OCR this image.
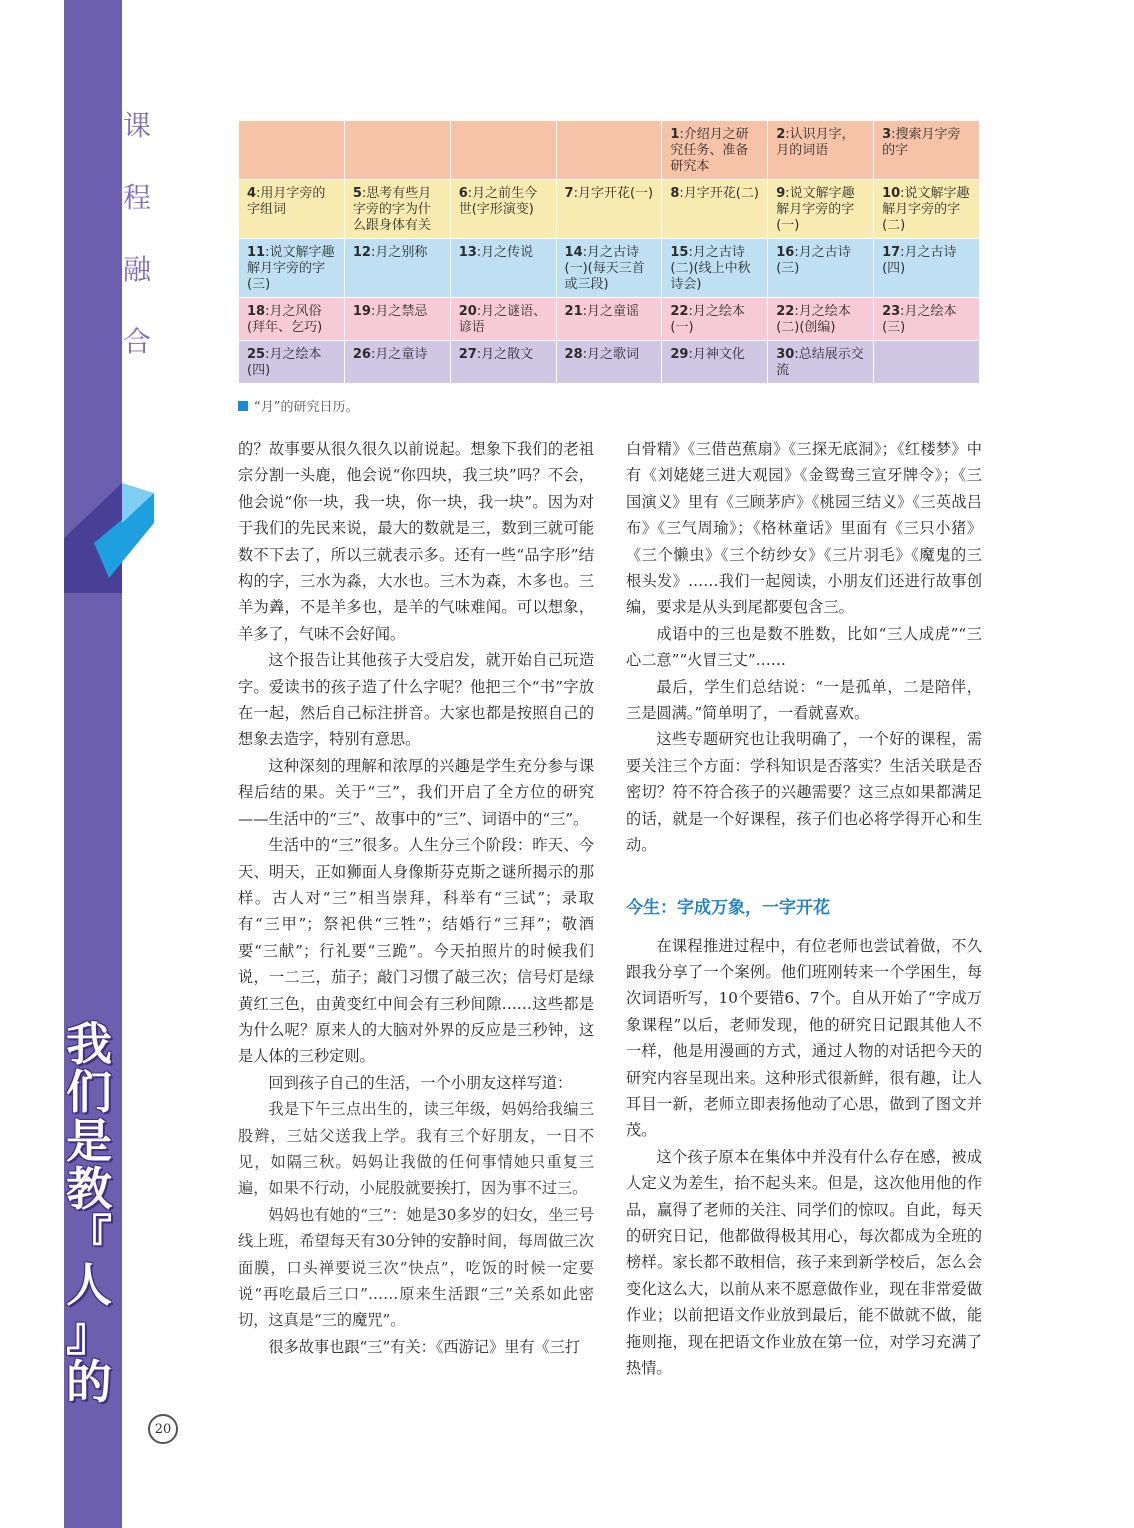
课
程
融
合
我
们
是
教
『
人
』
的
——第三届『新经典』大讲坛演讲录
20
				1:介绍月之研究任务、准备研究本	2:认识月字，月的词语	3:搜索月字旁的字
4:用月字旁的字组词	5:思考有些月字旁的字为什么跟身体有关	6:月之前生今世(字形演变)	7:月字开花(一)	8:月字开花(二)	9:说文解字趣解月字旁的字(一)	10:说文解字趣解月字旁的字(二)
11:说文解字趣解月字旁的字(三)	12:月之别称	13:月之传说	14:月之古诗(一)(每天三首或三段)	15:月之古诗(二)(线上中秋诗会)	16:月之古诗(三)	17:月之古诗(四)
18:月之风俗(拜年、乞巧)	19:月之禁忌	20:月之谜语、谚语	21:月之童谣	22:月之绘本(一)	22:月之绘本(二)(创编)	23:月之绘本(三)
25:月之绘本(四)	26:月之童诗	27:月之散文	28:月之歌词	29:月神文化	30:总结展示交流	
“月”的研究日历。

的？故事要从很久很久以前说起。想象下我们的老祖宗分割一头鹿，他会说“你四块，我三块”吗？不会，他会说“你一块，我一块，你一块，我一块”。因为对于我们的先民来说，最大的数就是三，数到三就可能数不下去了，所以三就表示多。还有一些“品字形”结构的字，三水为淼，大水也。三木为森，木多也。三羊为羴，不是羊多也，是羊的气味难闻。可以想象，羊多了，气味不会好闻。

这个报告让其他孩子大受启发，就开始自己玩造字。爱读书的孩子造了什么字呢？他把三个“书”字放在一起，然后自己标注拼音。大家也都是按照自己的想象去造字，特别有意思。

这种深刻的理解和浓厚的兴趣是学生充分参与课程后结的果。关于“三”，我们开启了全方位的研究——生活中的“三”、故事中的“三”、词语中的“三”。

生活中的“三”很多。人生分三个阶段：昨天、今天、明天，正如狮面人身像斯芬克斯之谜所揭示的那样。古人对“三”相当崇拜，科举有“三试”；录取有“三甲”；祭祀供“三牲”；结婚行“三拜”；敬酒要“三献”；行礼要“三跪”。今天拍照片的时候我们说，一二三，茄子；敲门习惯了敲三次；信号灯是绿黄红三色，由黄变红中间会有三秒间隙……这些都是为什么呢？原来人的大脑对外界的反应是三秒钟，这是人体的三秒定则。

回到孩子自己的生活，一个小朋友这样写道：

我是下午三点出生的，读三年级，妈妈给我编三股辫，三姑父送我上学。我有三个好朋友，一日不见，如隔三秋。妈妈让我做的任何事情她只重复三遍，如果不行动，小屁股就要挨打，因为事不过三。

妈妈也有她的“三”：她是30多岁的妇女，坐三号线上班，希望每天有30分钟的安静时间，每周做三次面膜，口头禅要说三次“快点”，吃饭的时候一定要说“再吃最后三口”……原来生活跟“三”关系如此密切，这真是“三的魔咒”。

很多故事也跟“三”有关：《西游记》里有《三打

白骨精》《三借芭蕉扇》《三探无底洞》；《红楼梦》中有《刘姥姥三进大观园》《金鸳鸯三宣牙牌令》；《三国演义》里有《三顾茅庐》《桃园三结义》《三英战吕布》《三气周瑜》；《格林童话》里面有《三只小猪》《三个懒虫》《三个纺纱女》《三片羽毛》《魔鬼的三根头发》……我们一起阅读，小朋友们还进行故事创编，要求是从头到尾都要包含三。

成语中的三也是数不胜数，比如“三人成虎”“三心二意”“火冒三丈”……

最后，学生们总结说：“一是孤单，二是陪伴，三是圆满。”简单明了，一看就喜欢。

这些专题研究也让我明确了，一个好的课程，需要关注三个方面：学科知识是否落实？生活关联是否密切？符不符合孩子的兴趣需要？这三点如果都满足的话，就是一个好课程，孩子们也必将学得开心和生动。

今生：字成万象，一字开花

在课程推进过程中，有位老师也尝试着做，不久跟我分享了一个案例。他们班刚转来一个学困生，每次词语听写，10个要错6、7个。自从开始了“字成万象课程”以后，老师发现，他的研究日记跟其他人不一样，他是用漫画的方式，通过人物的对话把今天的研究内容呈现出来。这种形式很新鲜，很有趣，让人耳目一新，老师立即表扬他动了心思，做到了图文并茂。

这个孩子原本在集体中并没有什么存在感，被成人定义为差生，抬不起头来。但是，这次他用他的作品，赢得了老师的关注、同学们的惊叹。自此，每天的研究日记，他都做得极其用心，每次都成为全班的榜样。家长都不敢相信，孩子来到新学校后，怎么会变化这么大，以前从来不愿意做作业，现在非常爱做作业；以前把语文作业放到最后，能不做就不做，能拖则拖，现在把语文作业放在第一位，对学习充满了热情。
